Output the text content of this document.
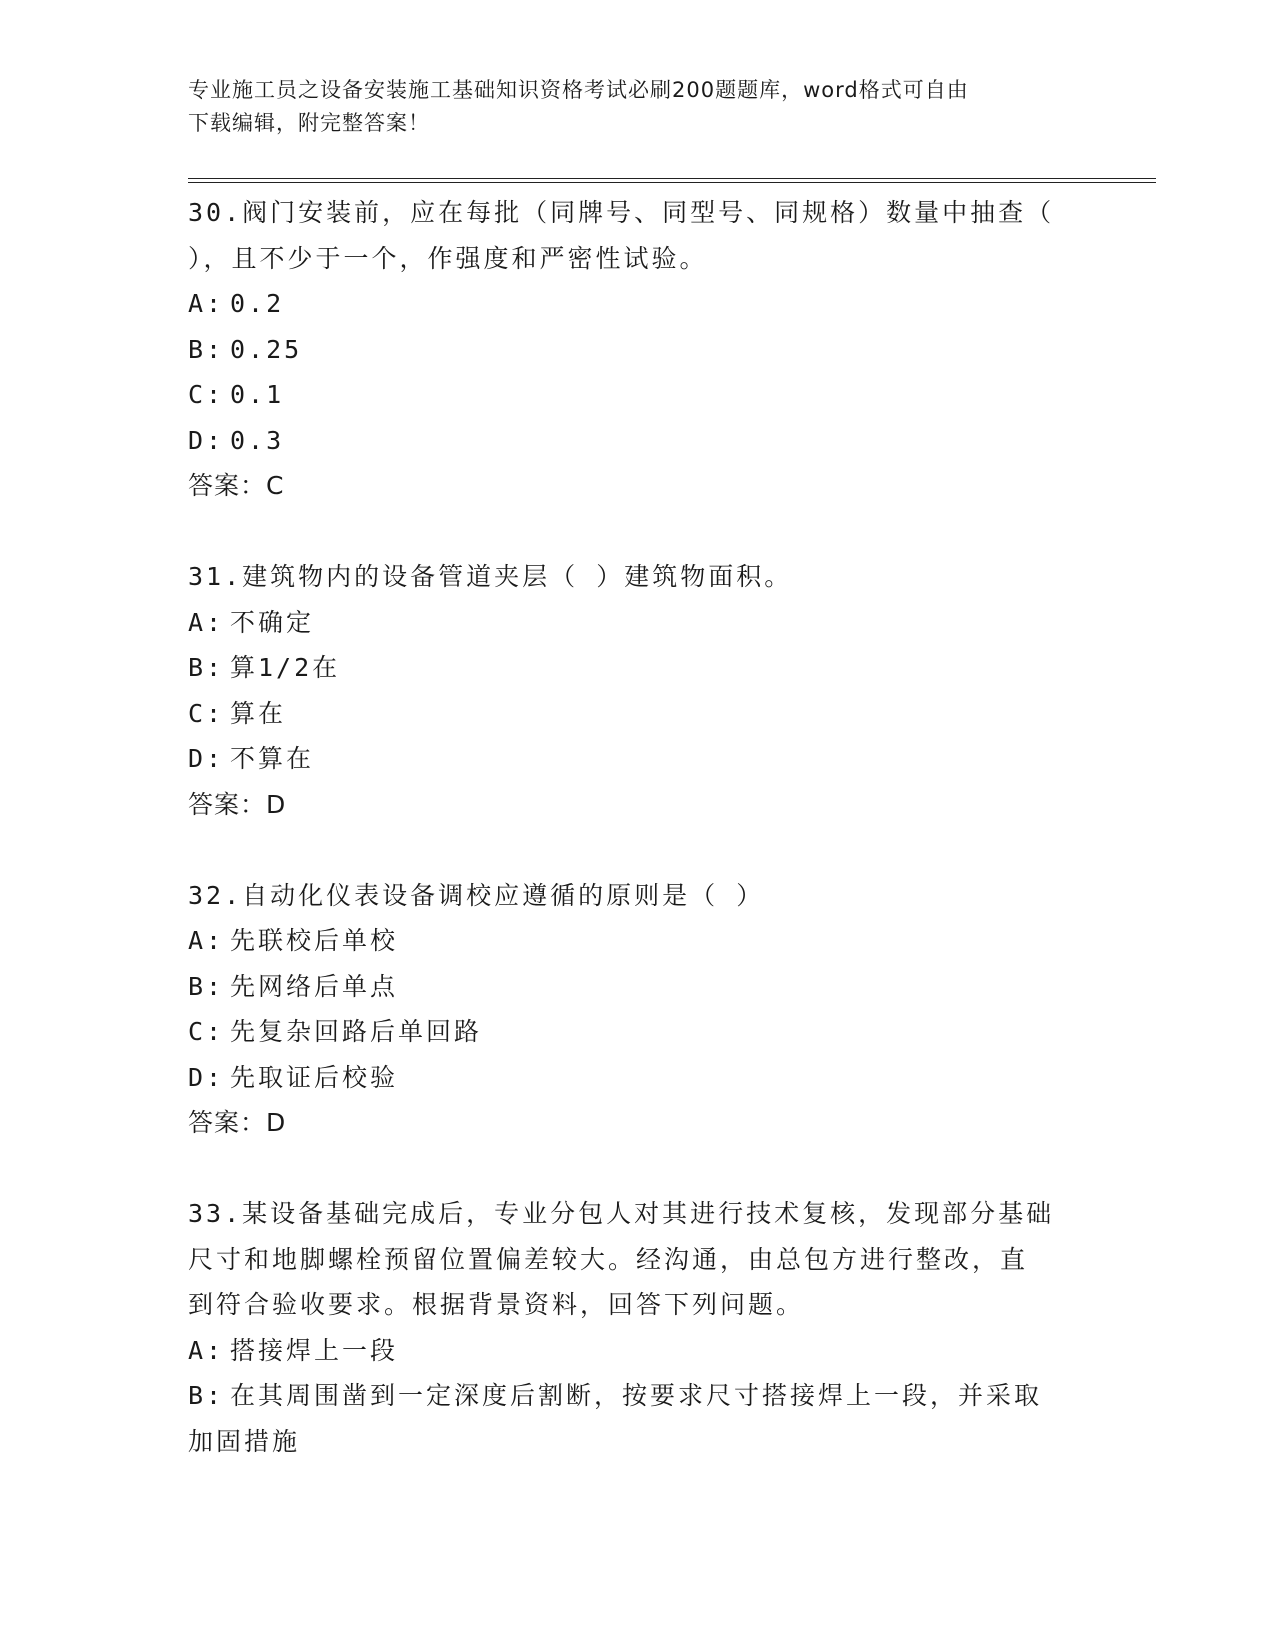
专业施工员之设备安装施工基础知识资格考试必刷200题题库，word格式可自由
下载编辑，附完整答案！
30.阀门安装前，应在每批（同牌号、同型号、同规格）数量中抽查（
），且不少于一个，作强度和严密性试验。
A: 0.2
B: 0.25
C: 0.1
D: 0.3
答案：C
31.建筑物内的设备管道夹层（ ）建筑物面积。
A: 不确定
B: 算1/2在
C: 算在
D: 不算在
答案：D
32.自动化仪表设备调校应遵循的原则是（ ）
A: 先联校后单校
B: 先网络后单点
C: 先复杂回路后单回路
D: 先取证后校验
答案：D
33.某设备基础完成后，专业分包人对其进行技术复核，发现部分基础
尺寸和地脚螺栓预留位置偏差较大。经沟通，由总包方进行整改，直
到符合验收要求。根据背景资料，回答下列问题。
A: 搭接焊上一段
B: 在其周围凿到一定深度后割断，按要求尺寸搭接焊上一段，并采取
加固措施
